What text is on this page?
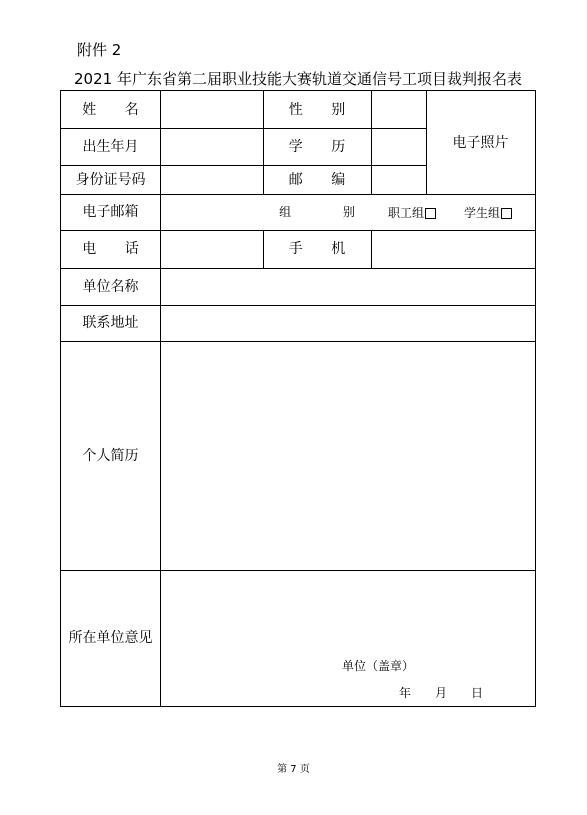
附件 2
2021 年广东省第二届职业技能大赛轨道交通信号工项目裁判报名表
姓 名	性 别
电子照片
出生年月	学 历
身份证号码	邮 编
电子邮箱	组 别 职工组	学生组
电 话	手 机
单位名称
联系地址
个人简历
所在单位意见
单位（盖章）
年 月 日
第 7 页
